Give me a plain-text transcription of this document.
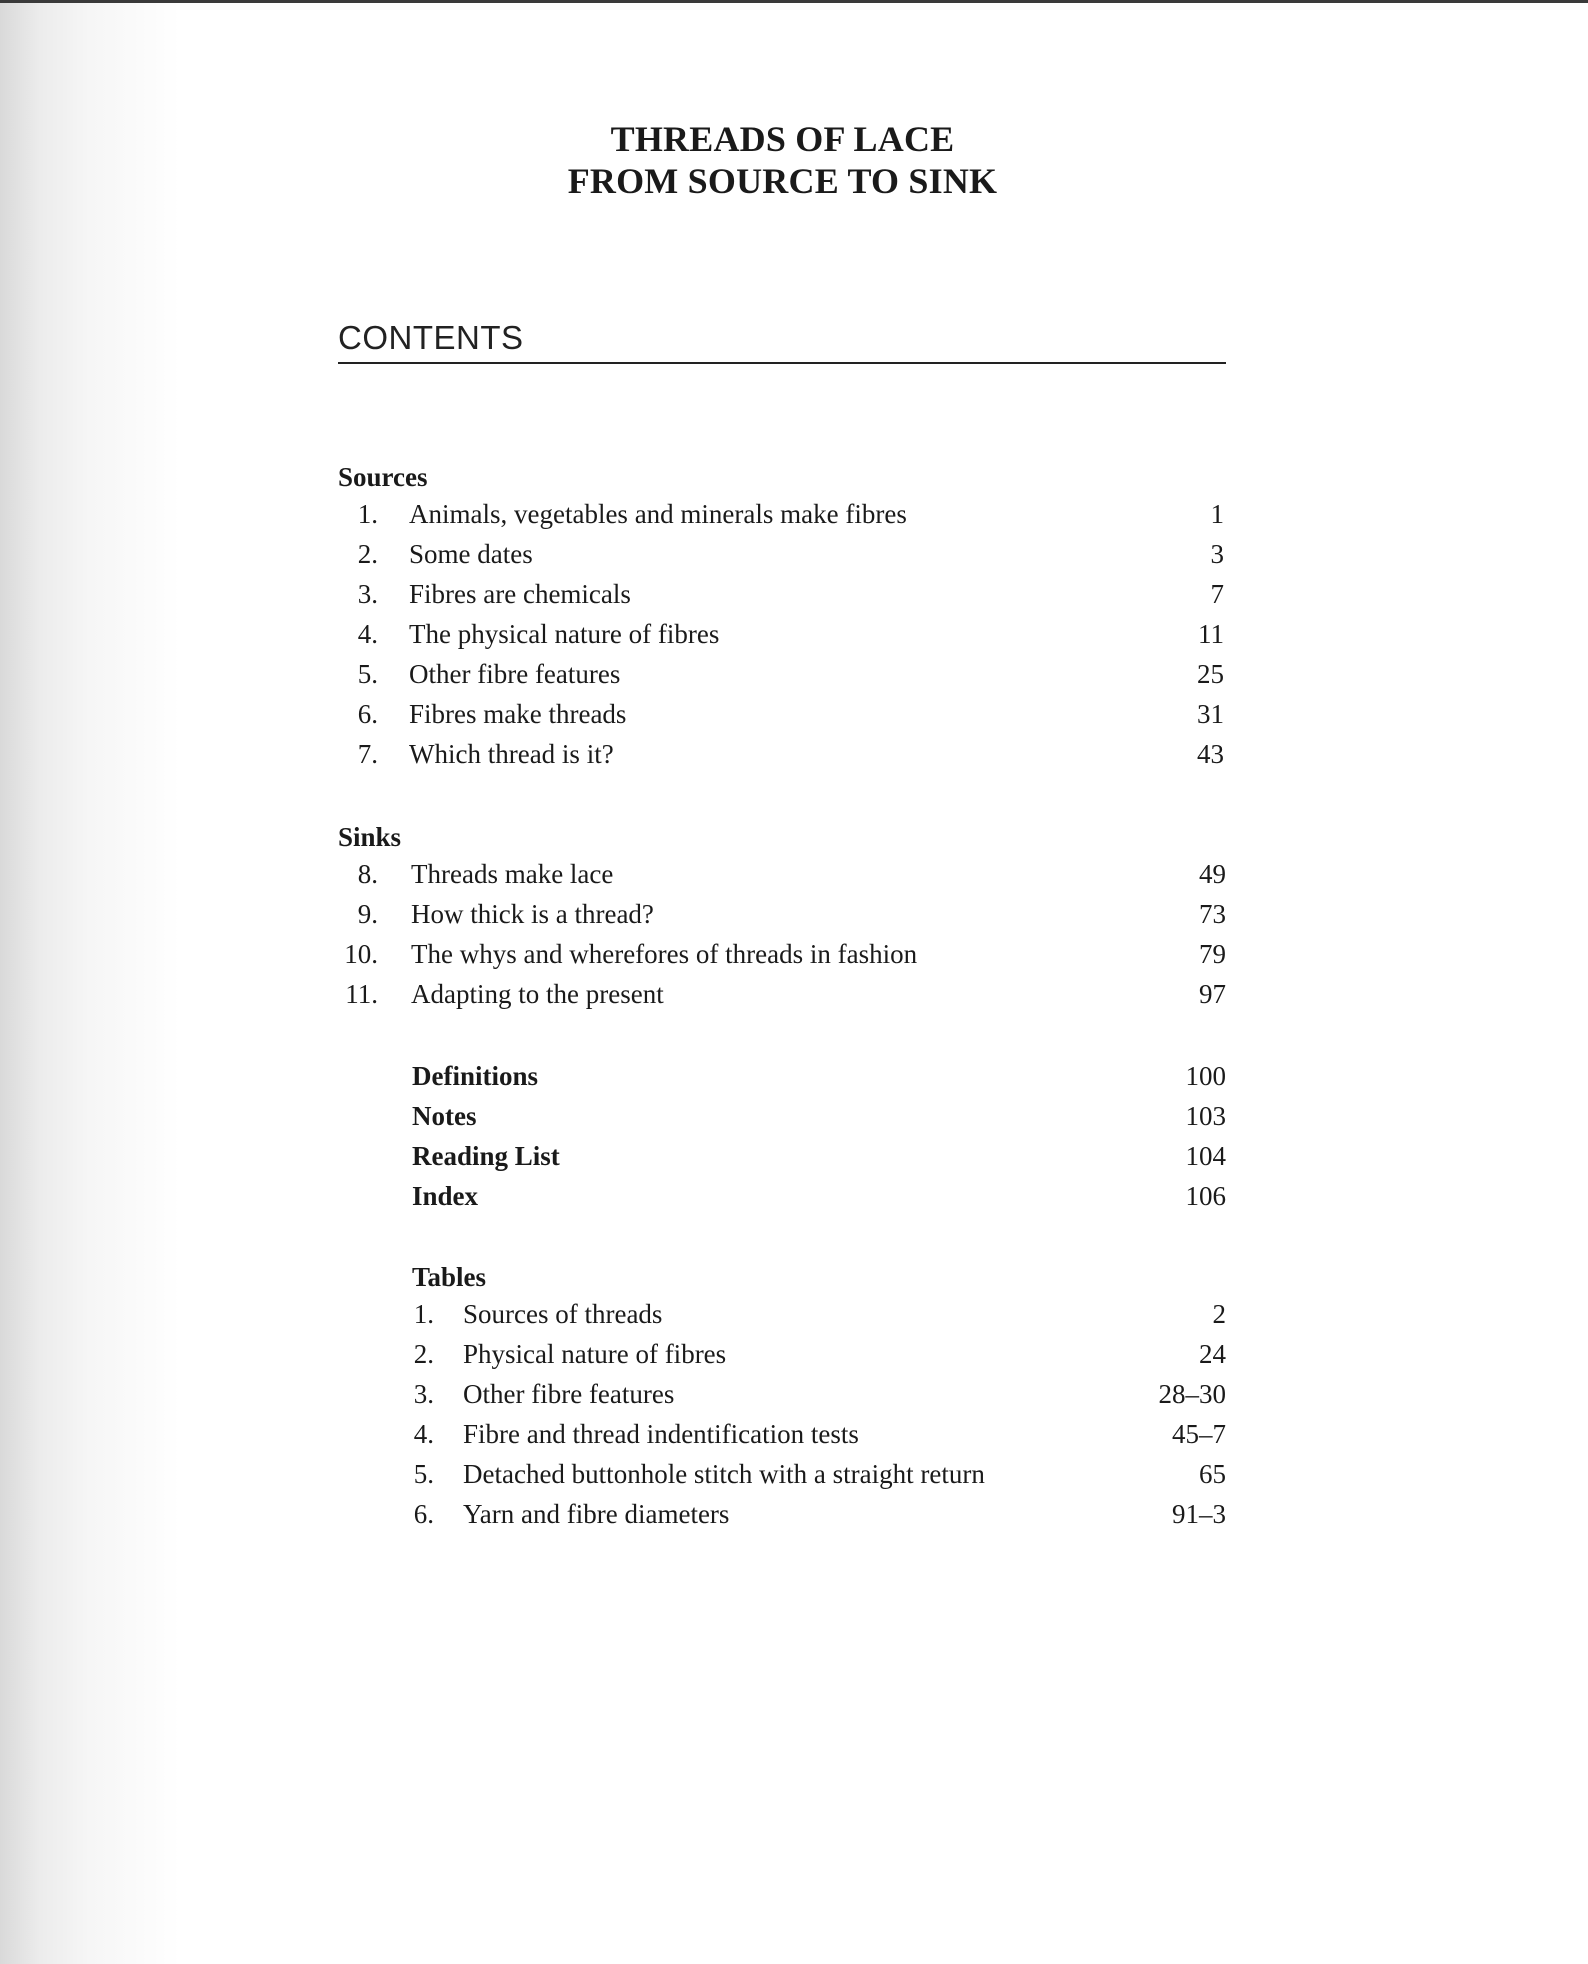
THREADS OF LACE
FROM SOURCE TO SINK
CONTENTS
Sources
1. Animals, vegetables and minerals make fibres	1
2. Some dates	3
3. Fibres are chemicals	7
4. The physical nature of fibres	11
5. Other fibre features	25
6. Fibres make threads	31
7. Which thread is it?	43
Sinks
8. Threads make lace	49
9. How thick is a thread?	73
10. The whys and wherefores of threads in fashion	79
11. Adapting to the present	97
Definitions	100
Notes	103
Reading List	104
Index	106
Tables
1. Sources of threads	2
2. Physical nature of fibres	24
3. Other fibre features	28–30
4. Fibre and thread indentification tests	45–7
5. Detached buttonhole stitch with a straight return	65
6. Yarn and fibre diameters	91–3
